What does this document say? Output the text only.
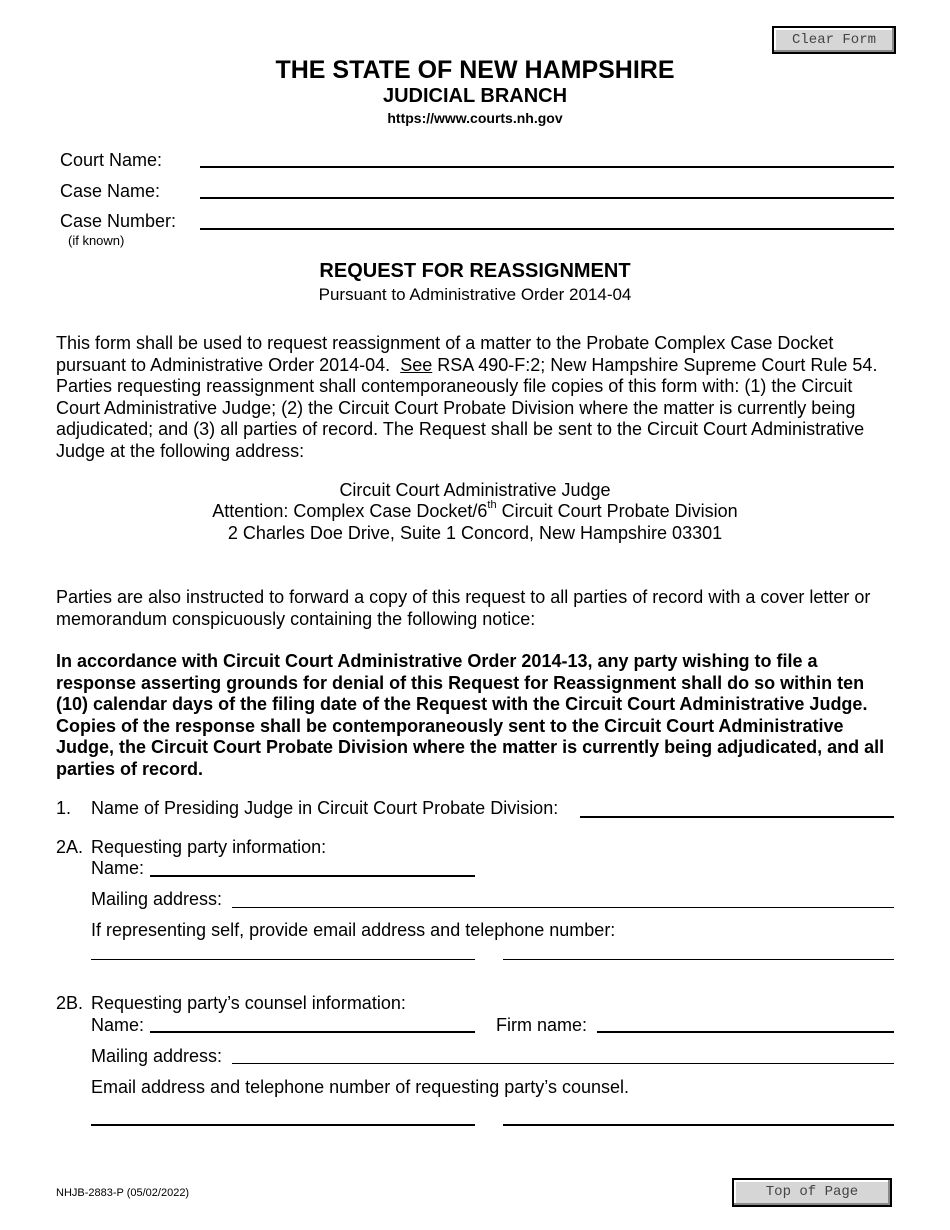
Clear Form
THE STATE OF NEW HAMPSHIRE
JUDICIAL BRANCH
https://www.courts.nh.gov
Court Name:
Case Name:
Case Number:
(if known)
REQUEST FOR REASSIGNMENT
Pursuant to Administrative Order 2014-04

This form shall be used to request reassignment of a matter to the Probate Complex Case Docket pursuant to Administrative Order 2014-04. See RSA 490-F:2; New Hampshire Supreme Court Rule 54. Parties requesting reassignment shall contemporaneously file copies of this form with: (1) the Circuit Court Administrative Judge; (2) the Circuit Court Probate Division where the matter is currently being adjudicated; and (3) all parties of record. The Request shall be sent to the Circuit Court Administrative Judge at the following address:

Circuit Court Administrative Judge
Attention: Complex Case Docket/6th Circuit Court Probate Division
2 Charles Doe Drive, Suite 1 Concord, New Hampshire 03301

Parties are also instructed to forward a copy of this request to all parties of record with a cover letter or memorandum conspicuously containing the following notice:

In accordance with Circuit Court Administrative Order 2014-13, any party wishing to file a response asserting grounds for denial of this Request for Reassignment shall do so within ten (10) calendar days of the filing date of the Request with the Circuit Court Administrative Judge. Copies of the response shall be contemporaneously sent to the Circuit Court Administrative Judge, the Circuit Court Probate Division where the matter is currently being adjudicated, and all parties of record.

1. Name of Presiding Judge in Circuit Court Probate Division:
2A. Requesting party information:
Name:
Mailing address:
If representing self, provide email address and telephone number:
2B. Requesting party’s counsel information:
Name:	Firm name:
Mailing address:
Email address and telephone number of requesting party’s counsel.
NHJB-2883-P (05/02/2022)	Top of Page
